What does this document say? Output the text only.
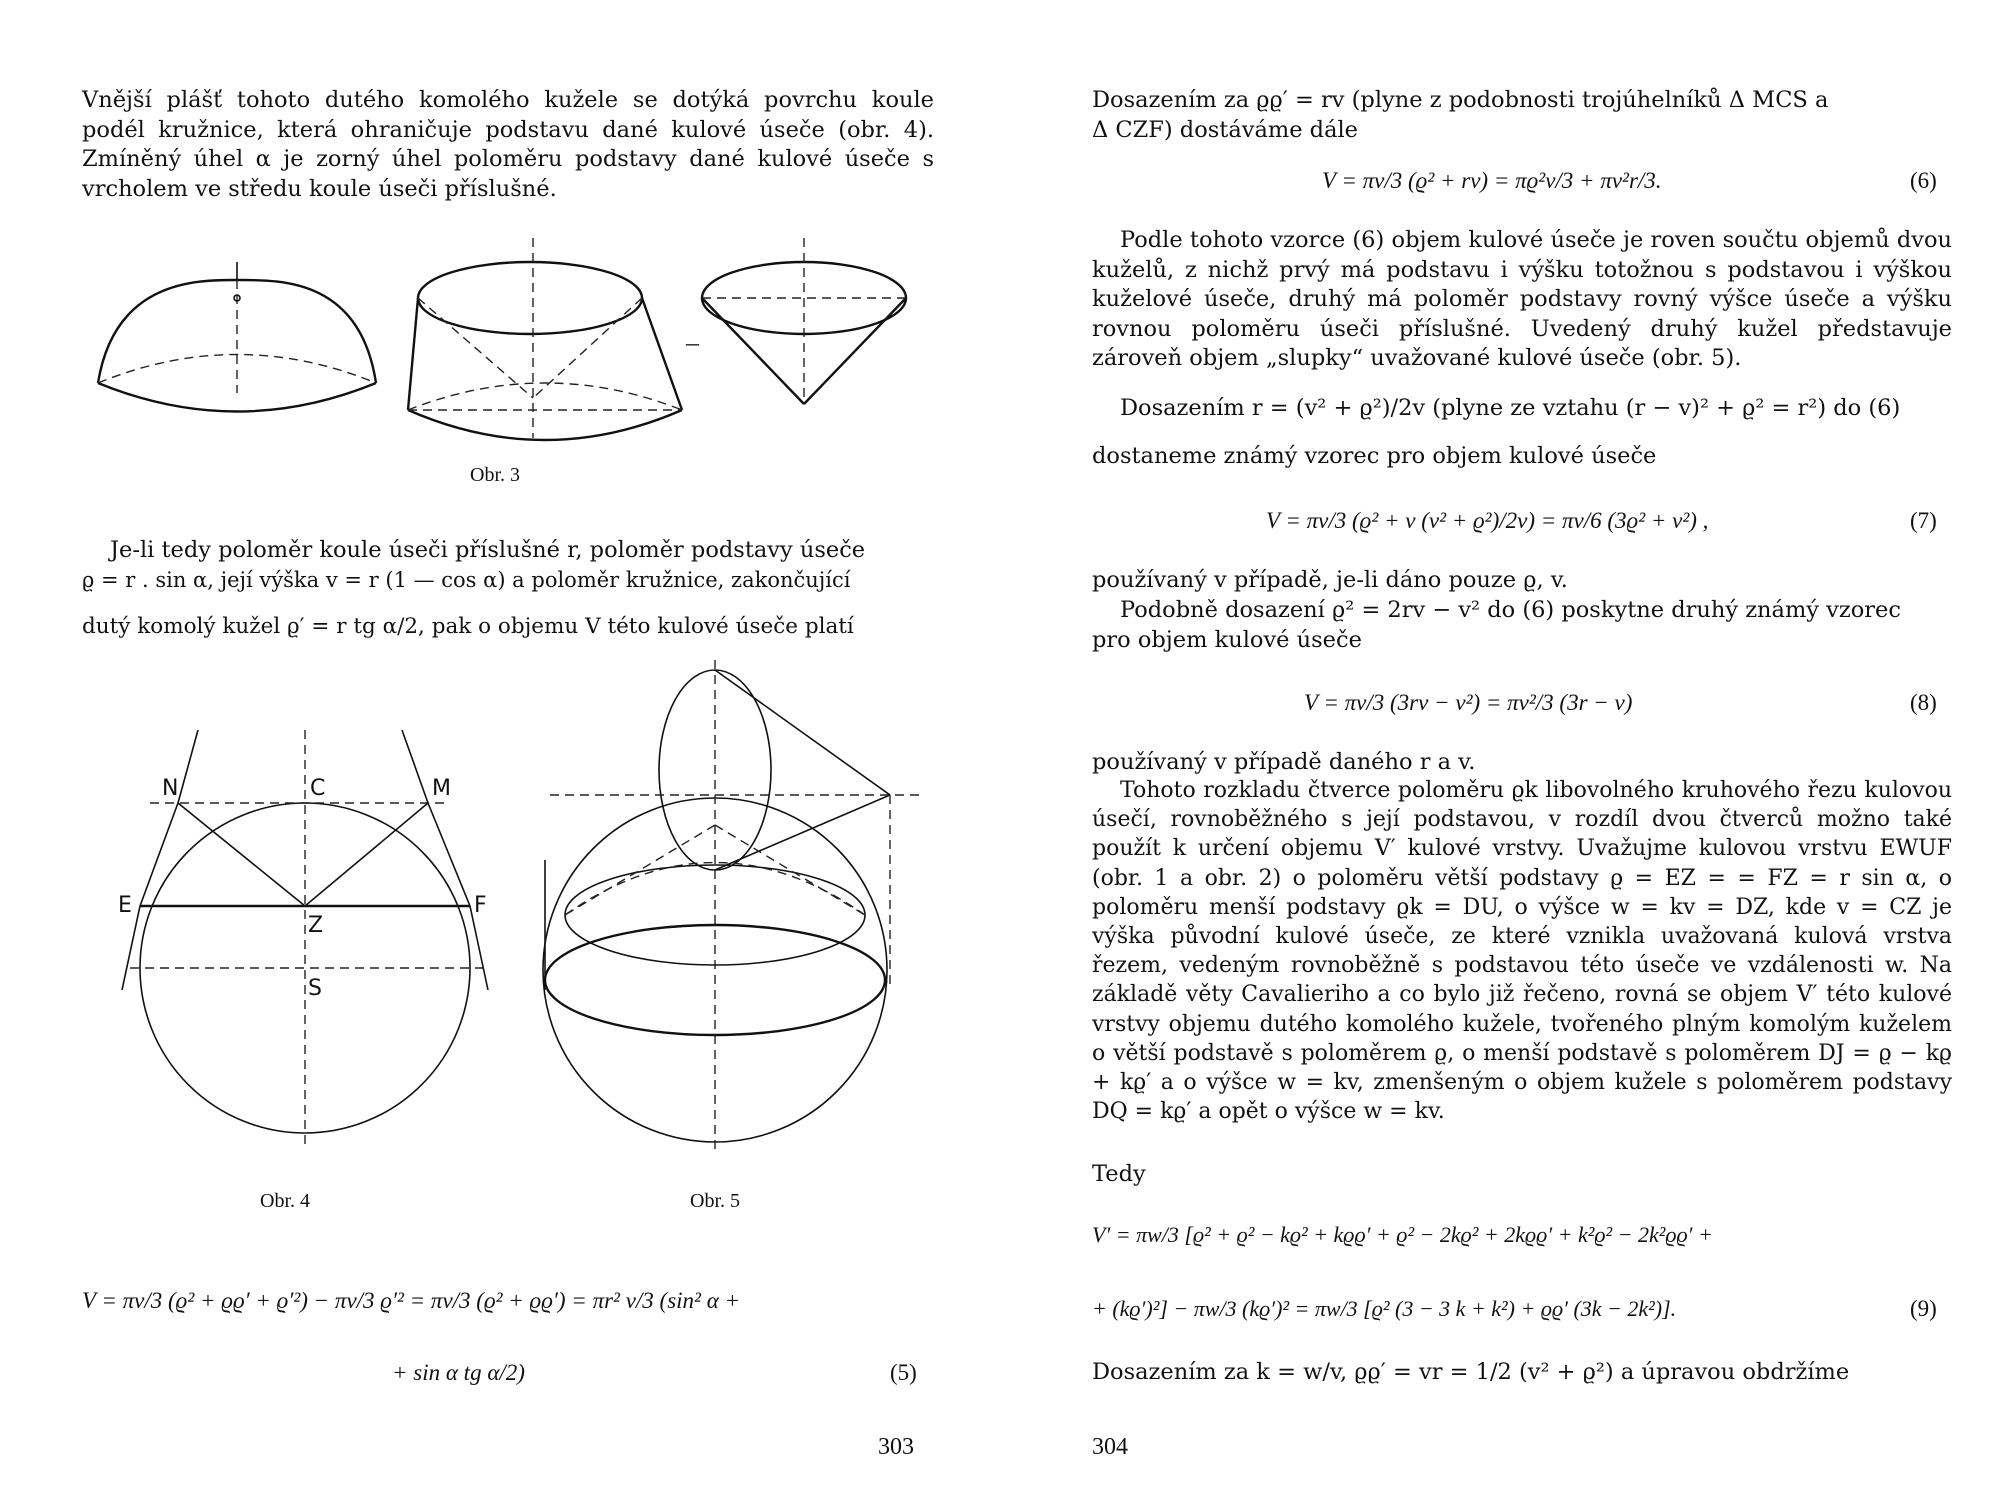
Vnější plášť tohoto dutého komolého kužele se dotýká povrchu koule podél kružnice, která ohraničuje podstavu dané kulové úseče (obr. 4). Zmíněný úhel α je zorný úhel poloměru podstavy dané kulové úseče s vrcholem ve středu koule úseči příslušné.

–
Obr. 3

Je-li tedy poloměr koule úseči příslušné r, poloměr podstavy úseče

ϱ = r . sin α, její výška v = r (1 — cos α) a poloměr kružnice, zakončující

dutý komolý kužel ϱ′ = r tg α/2, pak o objemu V této kulové úseče platí

N	C	M
E
Z
F
S
Obr. 4	Obr. 5
V = πv/3 (ϱ² + ϱϱ′ + ϱ′²) − πv/3 ϱ′² = πv/3 (ϱ² + ϱϱ′) = πr² v/3 (sin² α +
+ sin α tg α/2)	(5)
303

Dosazením za ϱϱ′ = rv (plyne z podobnosti trojúhelníků Δ MCS a

Δ CZF) dostáváme dále

V = πv/3 (ϱ² + rv) = πϱ²v/3 + πv²r/3.	(6)

Podle tohoto vzorce (6) objem kulové úseče je roven součtu objemů dvou kuželů, z nichž prvý má podstavu i výšku totožnou s podstavou i výškou kuželové úseče, druhý má poloměr podstavy rovný výšce úseče a výšku rovnou poloměru úseči příslušné. Uvedený druhý kužel představuje zároveň objem „slupky“ uvažované kulové úseče (obr. 5).

Dosazením r = (v² + ϱ²)/2v (plyne ze vztahu (r − v)² + ϱ² = r²) do (6)

dostaneme známý vzorec pro objem kulové úseče

V = πv/3 (ϱ² + v (v² + ϱ²)/2v) = πv/6 (3ϱ² + v²) ,	(7)

používaný v případě, je-li dáno pouze ϱ, v.

Podobně dosazení ϱ² = 2rv − v² do (6) poskytne druhý známý vzorec

pro objem kulové úseče

V = πv/3 (3rv − v²) = πv²/3 (3r − v)	(8)

používaný v případě daného r a v.

Tohoto rozkladu čtverce poloměru ϱk libovolného kruhového řezu kulovou úsečí, rovnoběžného s její podstavou, v rozdíl dvou čtverců možno také použít k určení objemu V′ kulové vrstvy. Uvažujme kulovou vrstvu EWUF (obr. 1 a obr. 2) o poloměru větší podstavy ϱ = EZ = = FZ = r sin α, o poloměru menší podstavy ϱk = DU, o výšce w = kv = DZ, kde v = CZ je výška původní kulové úseče, ze které vznikla uvažovaná kulová vrstva řezem, vedeným rovnoběžně s podstavou této úseče ve vzdálenosti w. Na základě věty Cavalieriho a co bylo již řečeno, rovná se objem V′ této kulové vrstvy objemu dutého komolého kužele, tvořeného plným komolým kuželem o větší podstavě s poloměrem ϱ, o menší podstavě s poloměrem DJ = ϱ − kϱ + kϱ′ a o výšce w = kv, zmenšeným o objem kužele s poloměrem podstavy DQ = kϱ′ a opět o výšce w = kv.

Tedy
V′ = πw/3 [ϱ² + ϱ² − kϱ² + kϱϱ′ + ϱ² − 2kϱ² + 2kϱϱ′ + k²ϱ² − 2k²ϱϱ′ +
+ (kϱ′)²] − πw/3 (kϱ′)² = πw/3 [ϱ² (3 − 3 k + k²) + ϱϱ′ (3k − 2k²)].	(9)

Dosazením za k = w/v, ϱϱ′ = vr = 1/2 (v² + ϱ²) a úpravou obdržíme

304
